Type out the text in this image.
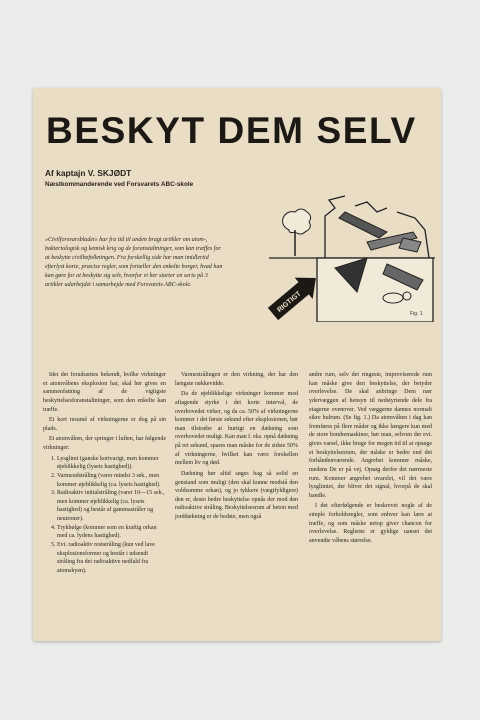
BESKYT DEM SELV
Af kaptajn V. SKJØDT
Næstkommanderende ved Forsvarets ABC-skole
RIGTIGT
Fig. 1
»Civilforsvarsbladet« har fra tid til anden bragt artikler om atom-, bakteriologisk og kemisk krig og de foranstaltninger, som kan træffes for at beskytte civilbefolkningen. Fra forskellig side har man imidlertid efterlyst korte, præcise regler, som fortæller den enkelte borger, hvad han kan gøre for at beskytte sig selv, hvorfor vi her starter en serie på 3 artikler udarbejdet i samarbejde med Forsvarets ABC-skole.

Idet det forudsættes bekendt, hvilke virkninger et atomvåbens eksplosion har, skal her gives en sammenfatning af de vigtigste beskyttelsesforanstaltninger, som den enkelte kan træffe.

Et kort resumé af virkningerne er dog på sin plads.

Et atomvåben, der springer i luften, har følgende virkninger:

1. Lysglimt (ganske kortvarigt, men kommer øjeblikkelig (lysets hastighed)).
2. Varmeudstråling (varer mindst 3 sek., men kommer øjeblikkelig (ca. lysets hastighed).
3. Radioaktiv initialstråling (varer 10—15 sek., men kommer øjeblikkelig (ca. lysets hastighed) og består af gammastråler og neutroner).
4. Trykbølge (kommer som en kraftig orkan med ca. lydens hastighed).
5. Evt. radioaktiv reststråling (kun ved lave eksplosionsformer og består i udsendt stråling fra det radioaktive nedfald fra atomskyen).

Varmestrålingen er den virkning, der har den længste rækkevidde.

Da de øjeblikkelige virkninger kommer med aftagende styrke i det korte interval, de overhovedet virker, og da ca. 50% af virkningerne kommer i det første sekund efter eksplosionen, bør man tilstræbe at hurtigt en dækning som overhovedet muligt. Kan man f. eks. opnå dækning på ret sekund, spares man måske for de sidste 50% af virkningerne, hvilket kan være forskellen mellem liv og død.

Dækning bør altid søges bag så solid en genstand som muligt (den skal kunne modstå den voldsomme orkan), og jo tykkere (vægtfyldigere) den er, desto bedre beskyttelse opnås der mod den radioaktive stråling. Beskyttelsesrum af beton med jorddækning er de bedste, men også

andre rum, selv det ringeste, improviserede rum kan måske give den beskyttelse, der betyder overlevelse. De skal anbringe Dem nær ydervæggen af hensyn til nedstyrtende dele fra etagerne ovenover. Ved væggerne dannes normalt sikre hulrum. (Se fig. 1.) Da atomvåben i dag kan fremføres på flere måder og ikke længere kun med de store bombemaskiner, bør man, selvom der evt. gives varsel, ikke bruge for megen tid til at opsøge et beskyttelsesrum, der måske er bedre end det forhåndenværende. Angrebet kommer måske, medens De er på vej. Opsøg derfor det nærmeste rum. Kommer angrebet uvarslet, vil det være lysglimtet, der bliver det signal, hvorpå de skal handle.

I det efterfølgende er beskrevet nogle af de simple forholdsregler, som enhver kan lære at træffe, og som måske netop giver chancen for overlevelse. Reglerne er gyldige uanset det anvendte våbens størrelse.
